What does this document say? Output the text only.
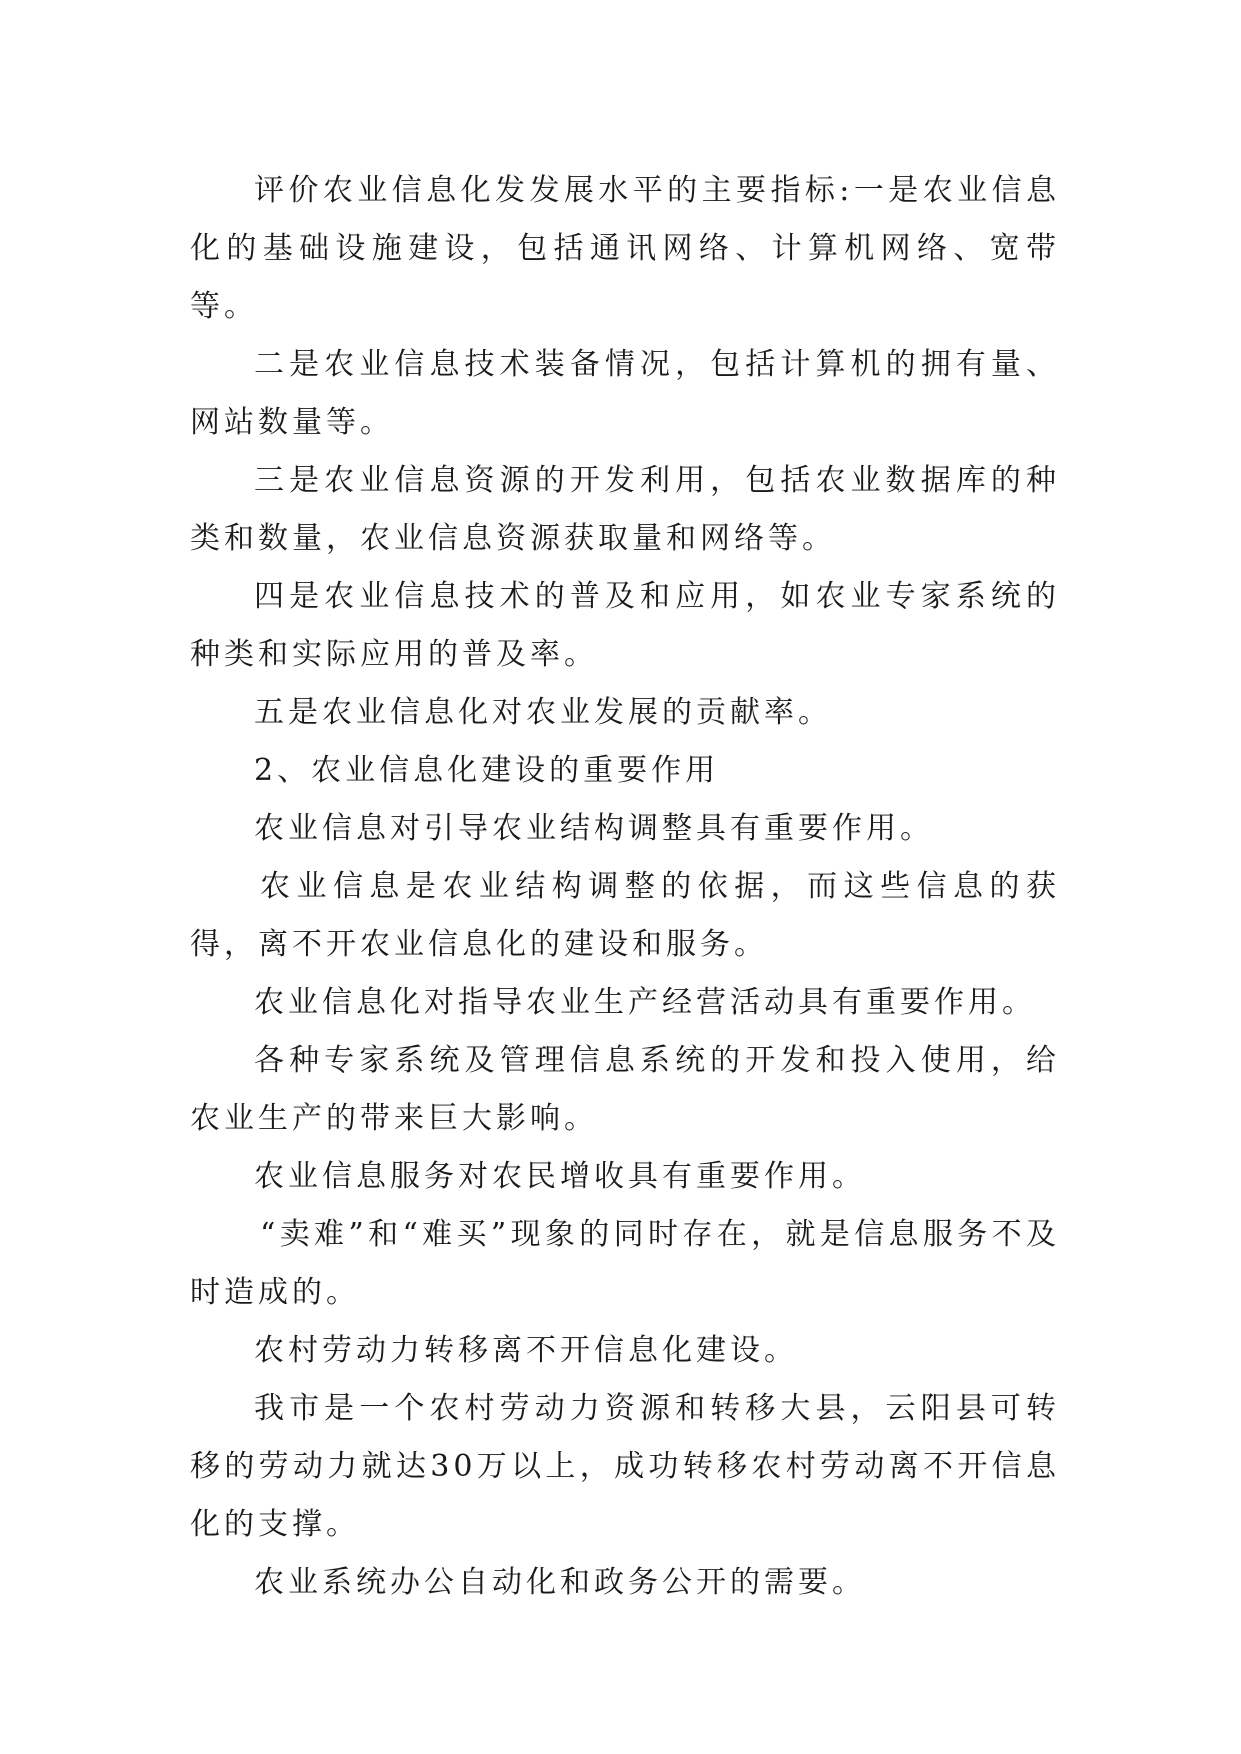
评价农业信息化发发展水平的主要指标:一是农业信息化的基础设施建设，包括通讯网络、计算机网络、宽带等。

二是农业信息技术装备情况，包括计算机的拥有量、网站数量等。

三是农业信息资源的开发利用，包括农业数据库的种类和数量，农业信息资源获取量和网络等。

四是农业信息技术的普及和应用，如农业专家系统的种类和实际应用的普及率。

五是农业信息化对农业发展的贡献率。

2、农业信息化建设的重要作用

农业信息对引导农业结构调整具有重要作用。

农业信息是农业结构调整的依据，而这些信息的获得，离不开农业信息化的建设和服务。

农业信息化对指导农业生产经营活动具有重要作用。

各种专家系统及管理信息系统的开发和投入使用，给农业生产的带来巨大影响。

农业信息服务对农民增收具有重要作用。

“卖难”和“难买”现象的同时存在，就是信息服务不及时造成的。

农村劳动力转移离不开信息化建设。

我市是一个农村劳动力资源和转移大县，云阳县可转移的劳动力就达30万以上，成功转移农村劳动离不开信息化的支撑。

农业系统办公自动化和政务公开的需要。
